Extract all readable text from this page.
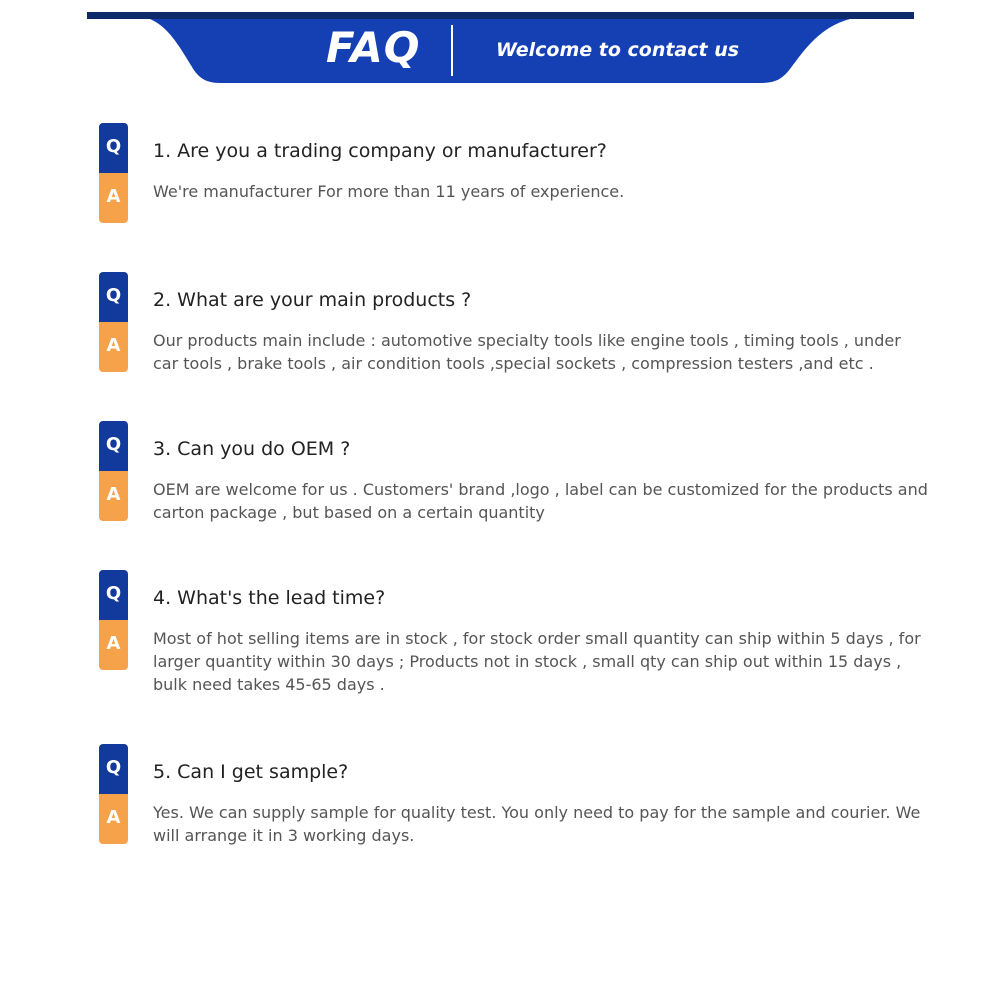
FAQ	Welcome to contact us
Q
A
1. Are you a trading company or manufacturer?
We're manufacturer For more than 11 years of experience.
Q
A
2. What are your main products ?
Our products main include : automotive specialty tools like engine tools , timing tools , under car tools , brake tools , air condition tools ,special sockets , compression testers ,and etc .
Q
A
3. Can you do OEM ?
OEM are welcome for us . Customers' brand ,logo , label can be customized for the products and carton package , but based on a certain quantity
Q
A
4. What's the lead time?
Most of hot selling items are in stock , for stock order small quantity can ship within 5 days , for larger quantity within 30 days ; Products not in stock , small qty can ship out within 15 days , bulk need takes 45-65 days .
Q
A
5. Can I get sample?
Yes. We can supply sample for quality test. You only need to pay for the sample and courier. We will arrange it in 3 working days.
